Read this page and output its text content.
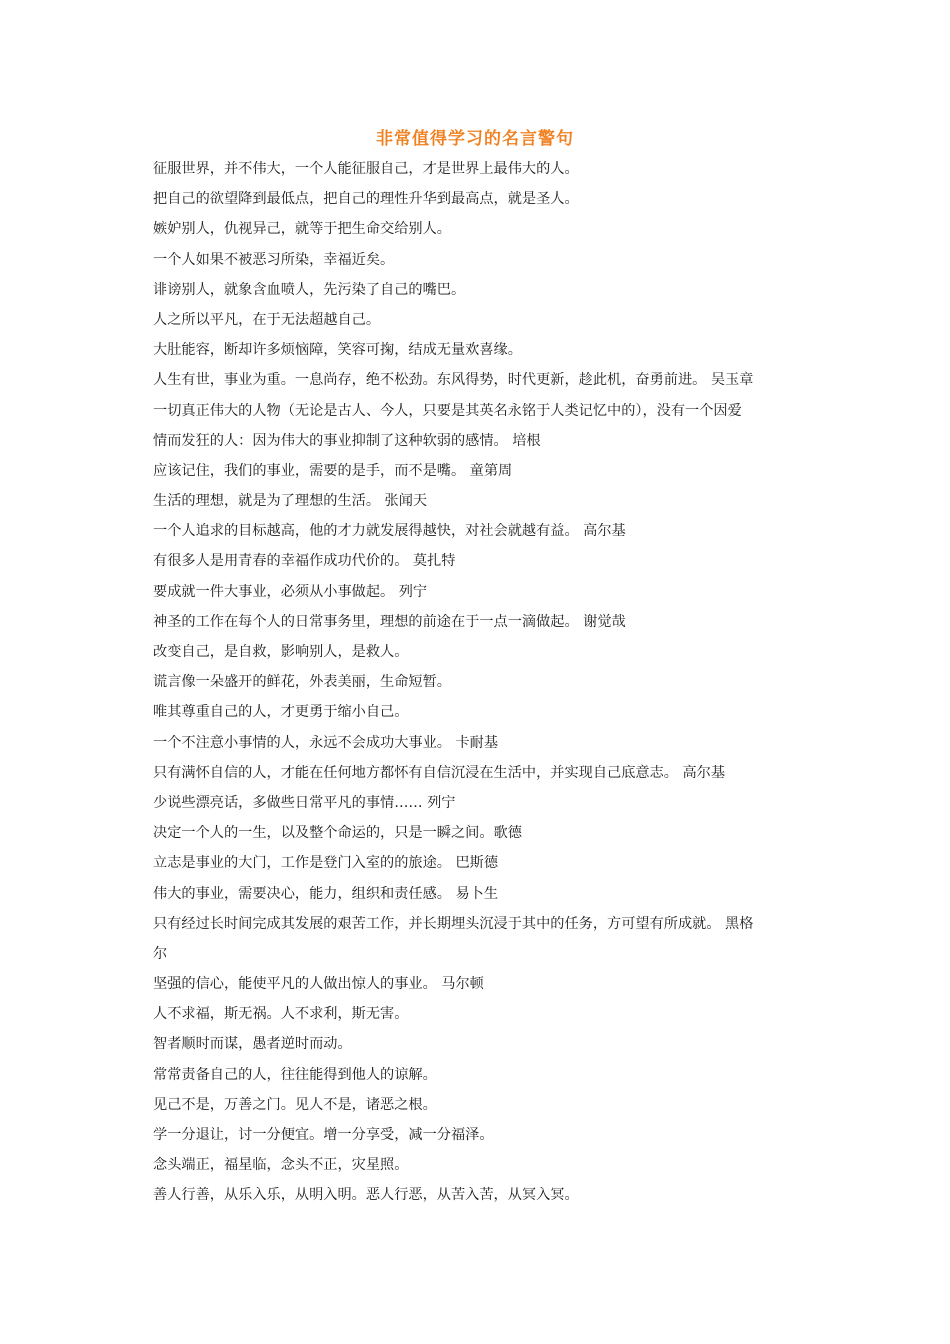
非常值得学习的名言警句
征服世界，并不伟大，一个人能征服自己，才是世界上最伟大的人。
把自己的欲望降到最低点，把自己的理性升华到最高点，就是圣人。
嫉妒别人，仇视异己，就等于把生命交给别人。
一个人如果不被恶习所染，幸福近矣。
诽谤别人，就象含血喷人，先污染了自己的嘴巴。
人之所以平凡，在于无法超越自己。
大肚能容，断却许多烦恼障，笑容可掬，结成无量欢喜缘。
人生有世，事业为重。一息尚存，绝不松劲。东风得势，时代更新，趁此机，奋勇前进。 吴玉章
一切真正伟大的人物（无论是古人、今人，只要是其英名永铭于人类记忆中的），没有一个因爱
情而发狂的人：因为伟大的事业抑制了这种软弱的感情。 培根
应该记住，我们的事业，需要的是手，而不是嘴。 童第周
生活的理想，就是为了理想的生活。 张闻天
一个人追求的目标越高，他的才力就发展得越快，对社会就越有益。 高尔基
有很多人是用青春的幸福作成功代价的。 莫扎特
要成就一件大事业，必须从小事做起。 列宁
神圣的工作在每个人的日常事务里，理想的前途在于一点一滴做起。 谢觉哉
改变自己，是自救，影响别人，是救人。
谎言像一朵盛开的鲜花，外表美丽，生命短暂。
唯其尊重自己的人，才更勇于缩小自己。
一个不注意小事情的人，永远不会成功大事业。 卡耐基
只有满怀自信的人，才能在任何地方都怀有自信沉浸在生活中，并实现自己底意志。 高尔基
少说些漂亮话，多做些日常平凡的事情…… 列宁
决定一个人的一生，以及整个命运的，只是一瞬之间。歌德
立志是事业的大门，工作是登门入室的的旅途。 巴斯德
伟大的事业，需要决心，能力，组织和责任感。 易卜生
只有经过长时间完成其发展的艰苦工作，并长期埋头沉浸于其中的任务，方可望有所成就。 黑格
尔
坚强的信心，能使平凡的人做出惊人的事业。 马尔顿
人不求福，斯无祸。人不求利，斯无害。
智者顺时而谋，愚者逆时而动。
常常责备自己的人，往往能得到他人的谅解。
见己不是，万善之门。见人不是，诸恶之根。
学一分退让，讨一分便宜。增一分享受，减一分福泽。
念头端正，福星临，念头不正，灾星照。
善人行善，从乐入乐，从明入明。恶人行恶，从苦入苦，从冥入冥。
